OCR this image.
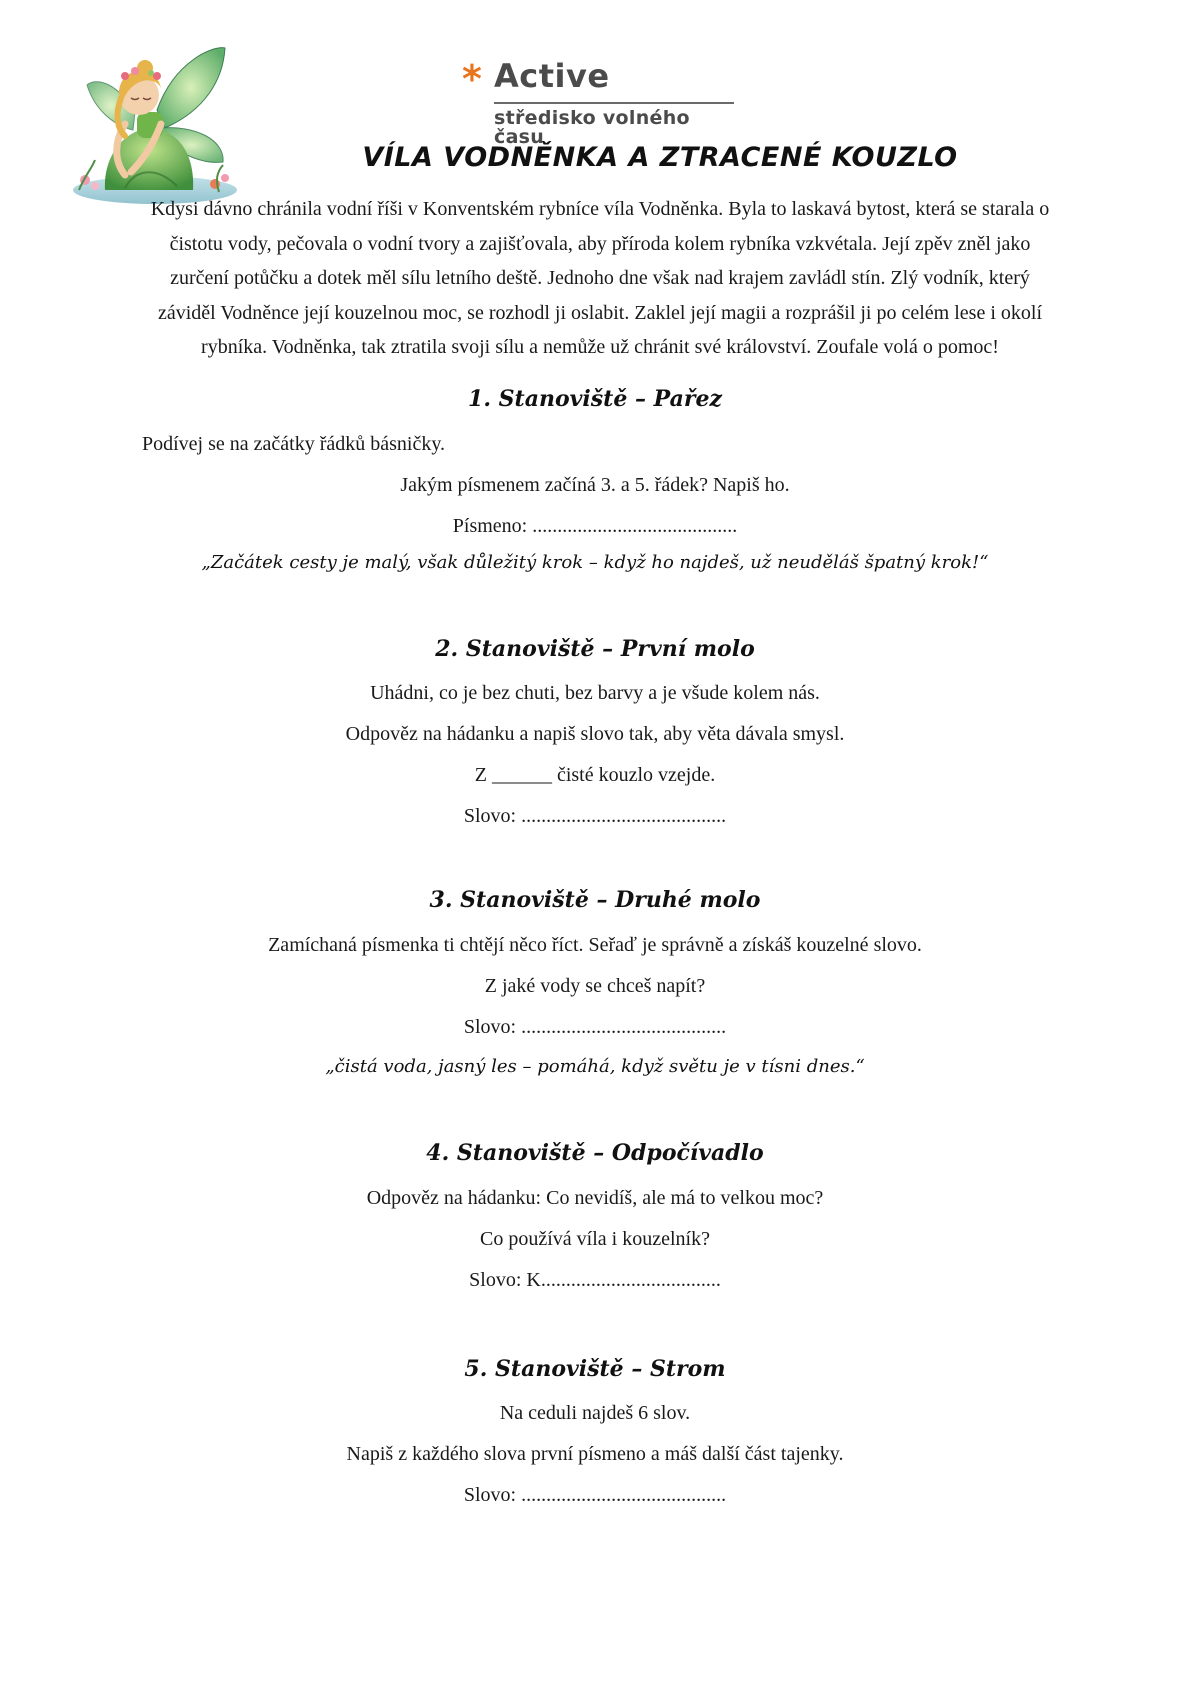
* Active
středisko volného času
VÍLA VODNĚNKA A ZTRACENÉ KOUZLO

Kdysi dávno chránila vodní říši v Konventském rybníce víla Vodněnka. Byla to laskavá bytost, která se starala o čistotu vody, pečovala o vodní tvory a zajišťovala, aby příroda kolem rybníka vzkvétala. Její zpěv zněl jako zurčení potůčku a dotek měl sílu letního deště. Jednoho dne však nad krajem zavládl stín. Zlý vodník, který záviděl Vodněnce její kouzelnou moc, se rozhodl ji oslabit. Zaklel její magii a rozprášil ji po celém lese i okolí rybníka. Vodněnka, tak ztratila svoji sílu a nemůže už chránit své království. Zoufale volá o pomoc!

1. Stanoviště – Pařez

Podívej se na začátky řádků básničky.

Jakým písmenem začíná 3. a 5. řádek? Napiš ho.

Písmeno: .........................................

„Začátek cesty je malý, však důležitý krok – když ho najdeš, už neuděláš špatný krok!“

2. Stanoviště – První molo

Uhádni, co je bez chuti, bez barvy a je všude kolem nás.

Odpověz na hádanku a napiš slovo tak, aby věta dávala smysl.

Z ______ čisté kouzlo vzejde.

Slovo: .........................................

3. Stanoviště – Druhé molo

Zamíchaná písmenka ti chtějí něco říct. Seřaď je správně a získáš kouzelné slovo.

Z jaké vody se chceš napít?

Slovo: .........................................

„čistá voda, jasný les – pomáhá, když světu je v tísni dnes.“

4. Stanoviště – Odpočívadlo

Odpověz na hádanku: Co nevidíš, ale má to velkou moc?

Co používá víla i kouzelník?

Slovo: K....................................

5. Stanoviště – Strom

Na ceduli najdeš 6 slov.

Napiš z každého slova první písmeno a máš další část tajenky.

Slovo: .........................................
